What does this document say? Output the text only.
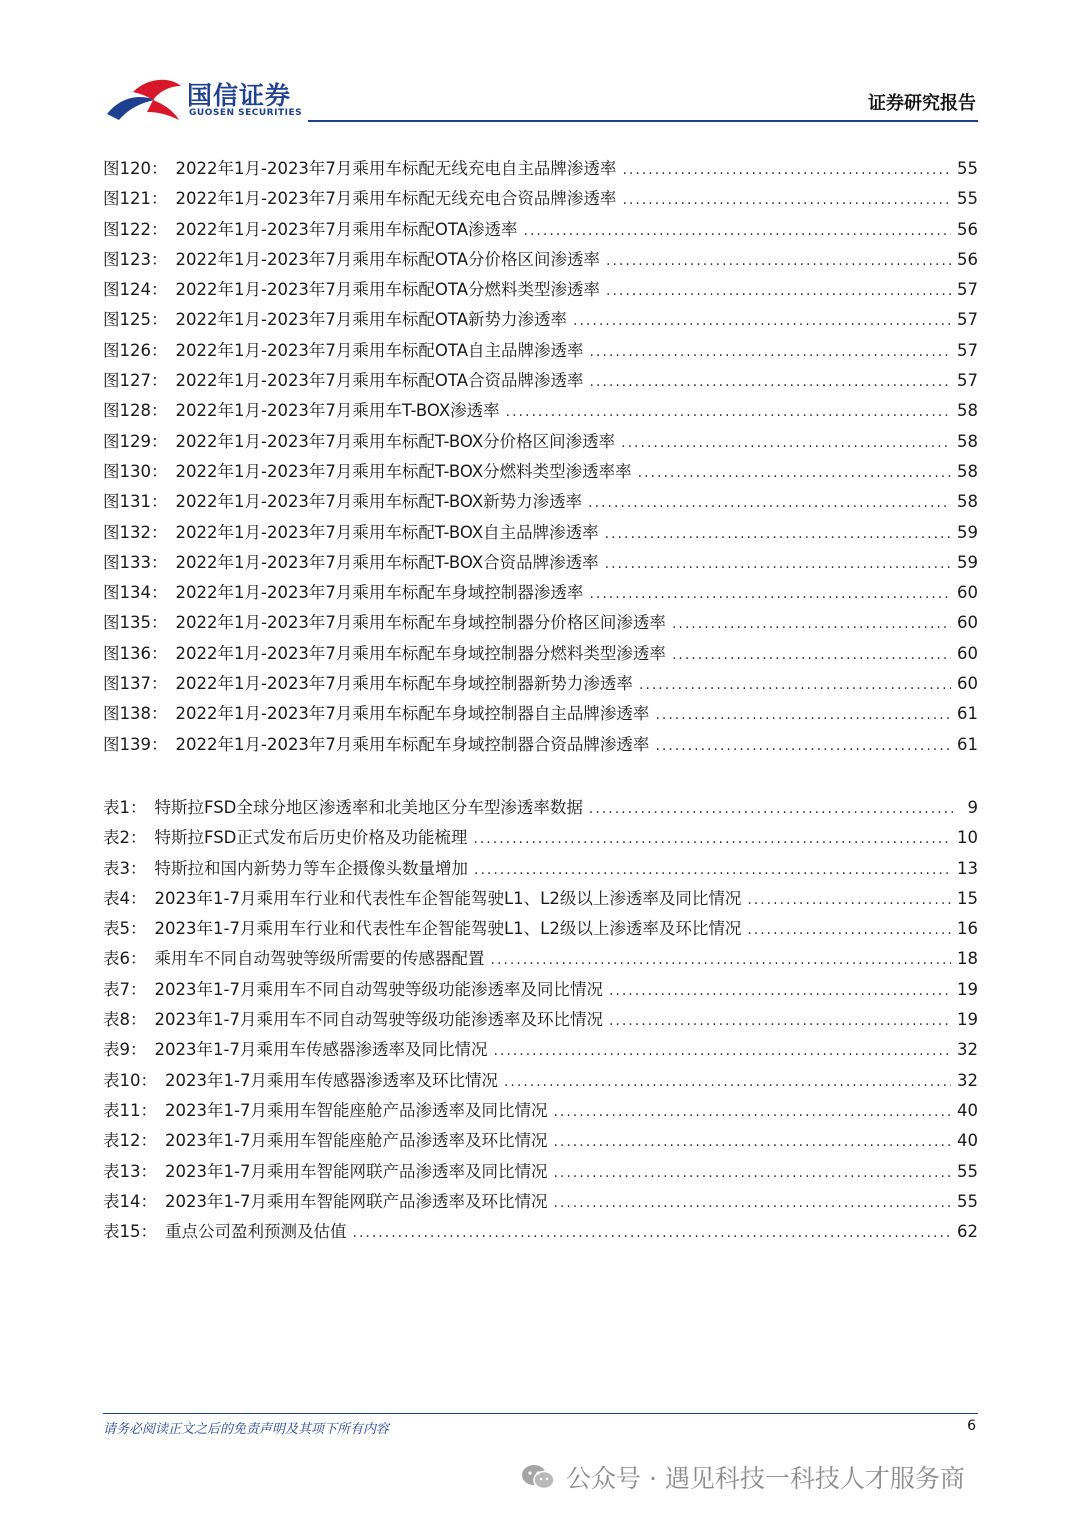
国信证券
GUOSEN SECURITIES	证券研究报告
图120： 2022年1月-2023年7月乘用车标配无线充电自主品牌渗透率 .....	55
图121： 2022年1月-2023年7月乘用车标配无线充电合资品牌渗透率 .....	55
图122： 2022年1月-2023年7月乘用车标配OTA渗透率 .....	56
图123： 2022年1月-2023年7月乘用车标配OTA分价格区间渗透率 .....	56
图124： 2022年1月-2023年7月乘用车标配OTA分燃料类型渗透率 .....	57
图125： 2022年1月-2023年7月乘用车标配OTA新势力渗透率 .....	57
图126： 2022年1月-2023年7月乘用车标配OTA自主品牌渗透率 .....	57
图127： 2022年1月-2023年7月乘用车标配OTA合资品牌渗透率 .....	57
图128： 2022年1月-2023年7月乘用车T-BOX渗透率 .....	58
图129： 2022年1月-2023年7月乘用车标配T-BOX分价格区间渗透率 .....	58
图130： 2022年1月-2023年7月乘用车标配T-BOX分燃料类型渗透率率 .....	58
图131： 2022年1月-2023年7月乘用车标配T-BOX新势力渗透率 .....	58
图132： 2022年1月-2023年7月乘用车标配T-BOX自主品牌渗透率 .....	59
图133： 2022年1月-2023年7月乘用车标配T-BOX合资品牌渗透率 .....	59
图134： 2022年1月-2023年7月乘用车标配车身域控制器渗透率 .....	60
图135： 2022年1月-2023年7月乘用车标配车身域控制器分价格区间渗透率 .....	60
图136： 2022年1月-2023年7月乘用车标配车身域控制器分燃料类型渗透率 .....	60
图137： 2022年1月-2023年7月乘用车标配车身域控制器新势力渗透率 .....	60
图138： 2022年1月-2023年7月乘用车标配车身域控制器自主品牌渗透率 .....	61
图139： 2022年1月-2023年7月乘用车标配车身域控制器合资品牌渗透率 .....	61
表1： 特斯拉FSD全球分地区渗透率和北美地区分车型渗透率数据 .....	9
表2： 特斯拉FSD正式发布后历史价格及功能梳理 .....	10
表3： 特斯拉和国内新势力等车企摄像头数量增加 .....	13
表4： 2023年1-7月乘用车行业和代表性车企智能驾驶L1、L2级以上渗透率及同比情况 .....	15
表5： 2023年1-7月乘用车行业和代表性车企智能驾驶L1、L2级以上渗透率及环比情况 .....	16
表6： 乘用车不同自动驾驶等级所需要的传感器配置 .....	18
表7： 2023年1-7月乘用车不同自动驾驶等级功能渗透率及同比情况 .....	19
表8： 2023年1-7月乘用车不同自动驾驶等级功能渗透率及环比情况 .....	19
表9： 2023年1-7月乘用车传感器渗透率及同比情况 .....	32
表10： 2023年1-7月乘用车传感器渗透率及环比情况 .....	32
表11： 2023年1-7月乘用车智能座舱产品渗透率及同比情况 .....	40
表12： 2023年1-7月乘用车智能座舱产品渗透率及环比情况 .....	40
表13： 2023年1-7月乘用车智能网联产品渗透率及同比情况 .....	55
表14： 2023年1-7月乘用车智能网联产品渗透率及环比情况 .....	55
表15： 重点公司盈利预测及估值 .....	62
请务必阅读正文之后的免责声明及其项下所有内容	6
公众号 · 遇见科技一科技人才服务商
